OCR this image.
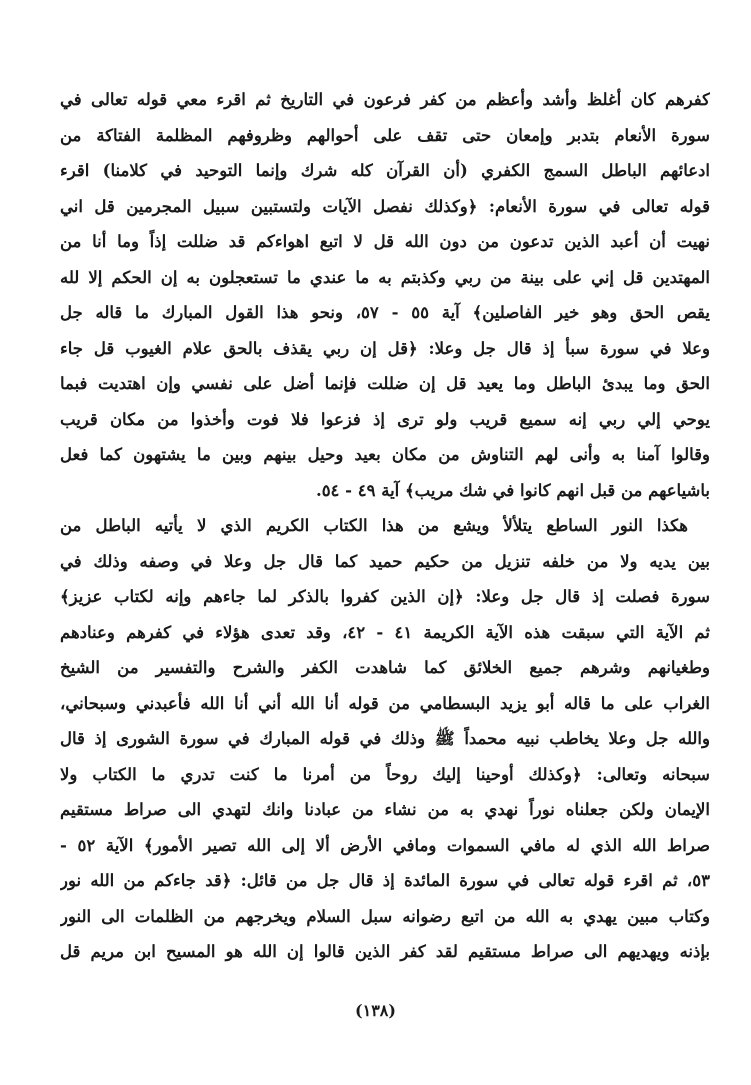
كفرهم كان أغلظ وأشد وأعظم من كفر فرعون في التاريخ ثم اقرء معي قوله تعالى في
سورة الأنعام بتدبر وإمعان حتى تقف على أحوالهم وظروفهم المظلمة الفتاكة من
ادعائهم الباطل السمج الكفري (أن القرآن كله شرك وإنما التوحيد في كلامنا) اقرء
قوله تعالى في سورة الأنعام: ﴿وكذلك نفصل الآيات ولتستبين سبيل المجرمين قل اني
نهيت أن أعبد الذين تدعون من دون الله قل لا اتبع اهواءكم قد ضللت إذاً وما أنا من
المهتدين قل إني على بينة من ربي وكذبتم به ما عندي ما تستعجلون به إن الحكم إلا لله
يقص الحق وهو خير الفاصلين﴾ آية ٥٥ - ٥٧، ونحو هذا القول المبارك ما قاله جل
وعلا في سورة سبأ إذ قال جل وعلا: ﴿قل إن ربي يقذف بالحق علام الغيوب قل جاء
الحق وما يبدئ الباطل وما يعيد قل إن ضللت فإنما أضل على نفسي وإن اهتديت فبما
يوحي إلي ربي إنه سميع قريب ولو ترى إذ فزعوا فلا فوت وأخذوا من مكان قريب
وقالوا آمنا به وأنى لهم التناوش من مكان بعيد وحيل بينهم وبين ما يشتهون كما فعل
باشياعهم من قبل انهم كانوا في شك مريب﴾ آية ٤٩ - ٥٤.
هكذا النور الساطع يتلألأ ويشع من هذا الكتاب الكريم الذي لا يأتيه الباطل من
بين يديه ولا من خلفه تنزيل من حكيم حميد كما قال جل وعلا في وصفه وذلك في
سورة فصلت إذ قال جل وعلا: ﴿إن الذين كفروا بالذكر لما جاءهم وإنه لكتاب عزيز﴾
ثم الآية التي سبقت هذه الآية الكريمة ٤١ - ٤٢، وقد تعدى هؤلاء في كفرهم وعنادهم
وطغيانهم وشرهم جميع الخلائق كما شاهدت الكفر والشرح والتفسير من الشيخ
الغراب على ما قاله أبو يزيد البسطامي من قوله أنا الله أني أنا الله فأعبدني وسبحاني،
والله جل وعلا يخاطب نبيه محمداً ﷺ وذلك في قوله المبارك في سورة الشورى إذ قال
سبحانه وتعالى: ﴿وكذلك أوحينا إليك روحاً من أمرنا ما كنت تدري ما الكتاب ولا
الإيمان ولكن جعلناه نوراً نهدي به من نشاء من عبادنا وانك لتهدي الى صراط مستقيم
صراط الله الذي له مافي السموات ومافي الأرض ألا إلى الله تصير الأمور﴾ الآية ٥٢ -
٥٣، ثم اقرء قوله تعالى في سورة المائدة إذ قال جل من قائل: ﴿قد جاءكم من الله نور
وكتاب مبين يهدي به الله من اتبع رضوانه سبل السلام ويخرجهم من الظلمات الى النور
بإذنه ويهديهم الى صراط مستقيم لقد كفر الذين قالوا إن الله هو المسيح ابن مريم قل
(١٣٨)
